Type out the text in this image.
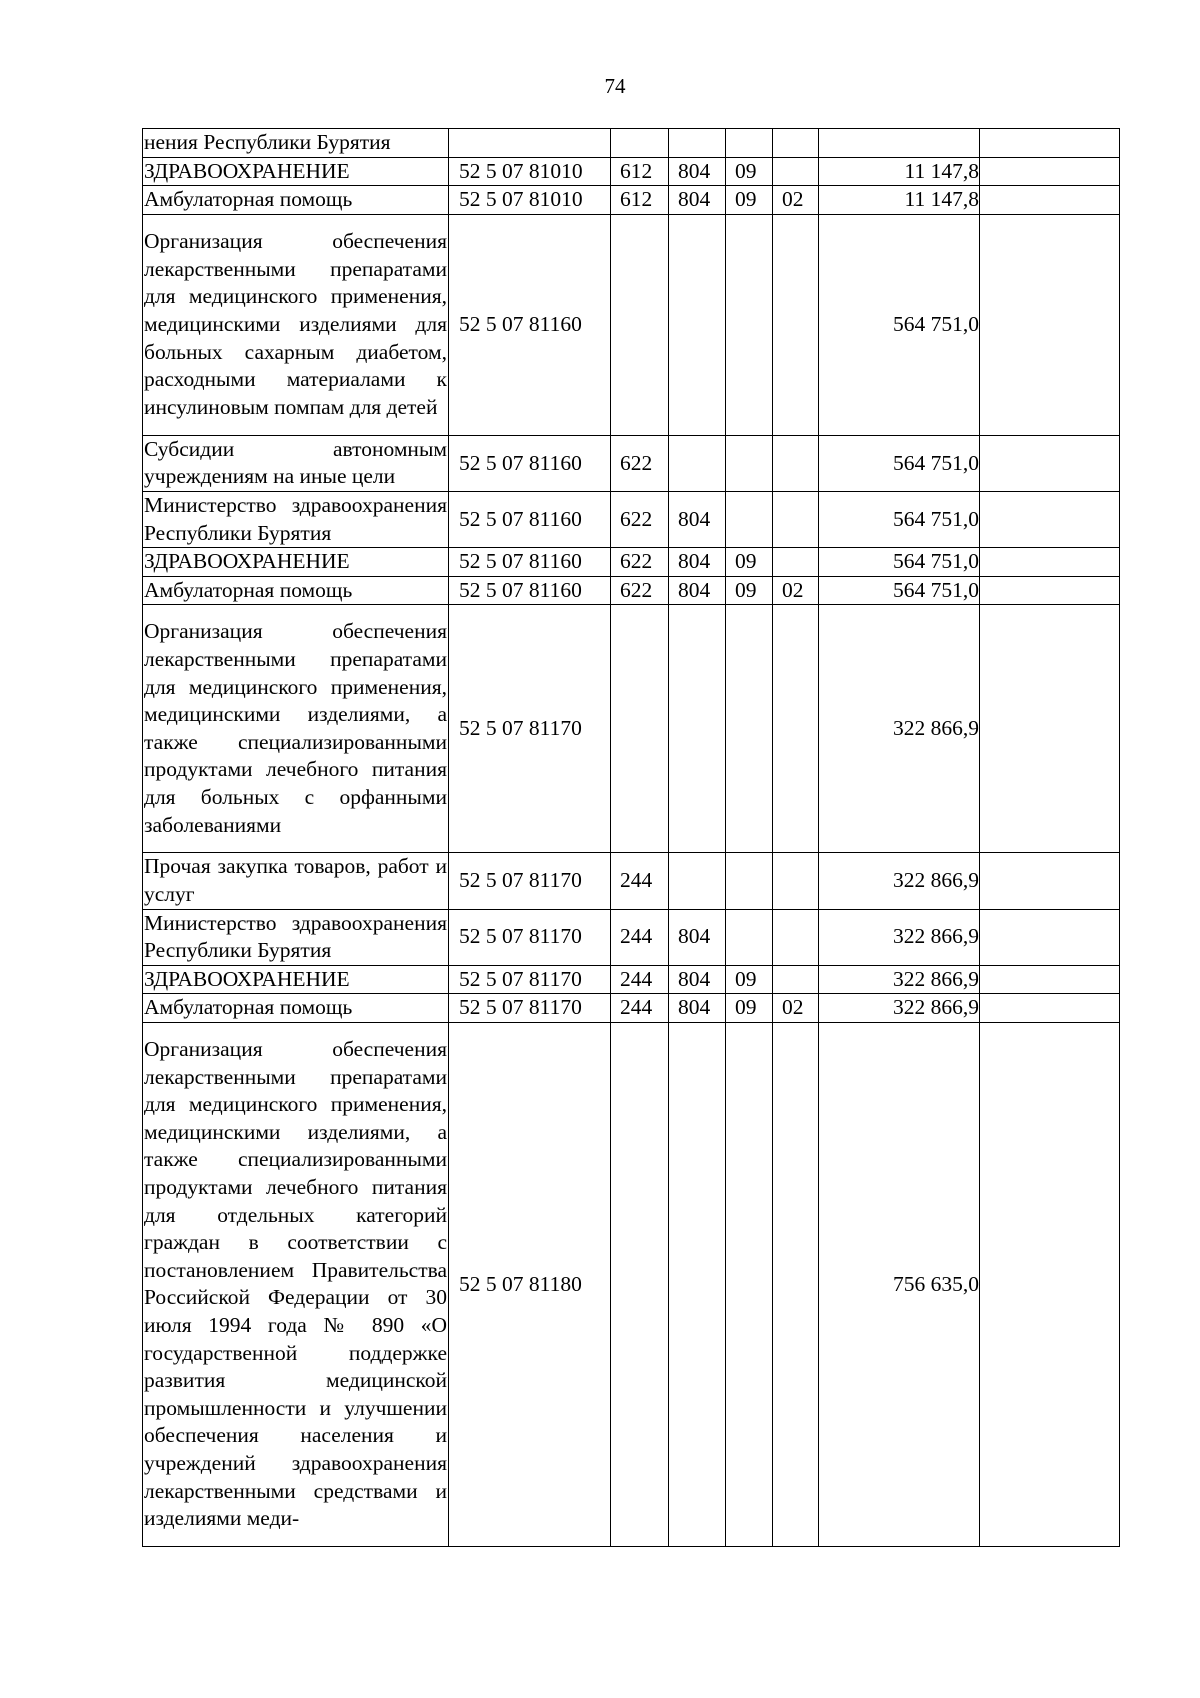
74
нения Республики Бурятия							
ЗДРАВООХРАНЕНИЕ	52 5 07 81010	612	804	09		11 147,8	
Амбулаторная помощь	52 5 07 81010	612	804	09	02	11 147,8	
Организация обеспечения лекарственными препаратами для медицинского применения, медицинскими изделиями для больных сахарным диабетом, расходными материалами к инсулиновым помпам для детей	52 5 07 81160					564 751,0	
Субсидии автономным учреждениям на иные цели	52 5 07 81160	622				564 751,0	
Министерство здравоохранения Республики Бурятия	52 5 07 81160	622	804			564 751,0	
ЗДРАВООХРАНЕНИЕ	52 5 07 81160	622	804	09		564 751,0	
Амбулаторная помощь	52 5 07 81160	622	804	09	02	564 751,0	
Организация обеспечения лекарственными препаратами для медицинского применения, медицинскими изделиями, а также специализированными продуктами лечебного питания для больных с орфанными заболеваниями	52 5 07 81170					322 866,9	
Прочая закупка товаров, работ и услуг	52 5 07 81170	244				322 866,9	
Министерство здравоохранения Республики Бурятия	52 5 07 81170	244	804			322 866,9	
ЗДРАВООХРАНЕНИЕ	52 5 07 81170	244	804	09		322 866,9	
Амбулаторная помощь	52 5 07 81170	244	804	09	02	322 866,9	
Организация обеспечения лекарственными препаратами для медицинского применения, медицинскими изделиями, а также специализированными продуктами лечебного питания для отдельных категорий граждан в соответствии с постановлением Правительства Российской Федерации от 30 июля 1994 года № 890 «О государственной поддержке развития медицинской промышленности и улучшении обеспечения населения и учреждений здравоохранения лекарственными средствами и изделиями меди-	52 5 07 81180					756 635,0	
